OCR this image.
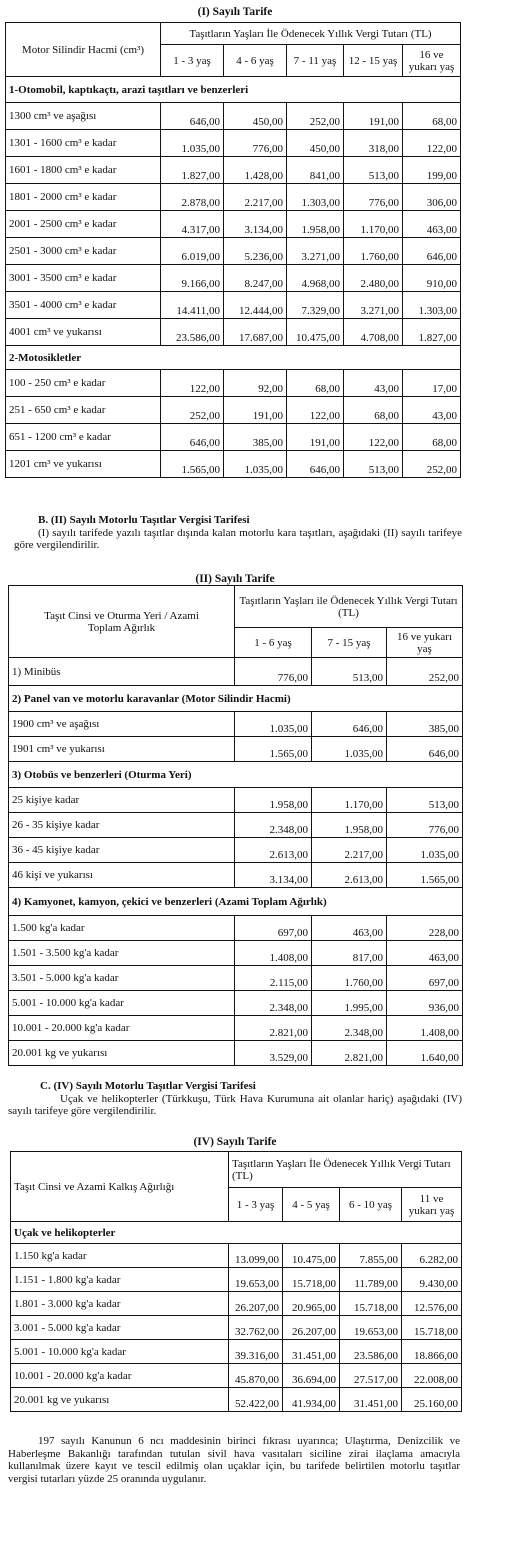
(I) Sayılı Tarife
Motor Silindir Hacmi (cm³)	Taşıtların Yaşları İle Ödenecek Yıllık Vergi Tutarı (TL)				
	1 - 3 yaş	4 - 6 yaş	7 - 11 yaş	12 - 15 yaş	16 ve yukarı yaş
1-Otomobil, kaptıkaçtı, arazi taşıtları ve benzerleri					
1300 cm³ ve aşağısı	646,00	450,00	252,00	191,00	68,00
1301 - 1600 cm³ e kadar	1.035,00	776,00	450,00	318,00	122,00
1601 - 1800 cm³ e kadar	1.827,00	1.428,00	841,00	513,00	199,00
1801 - 2000 cm³ e kadar	2.878,00	2.217,00	1.303,00	776,00	306,00
2001 - 2500 cm³ e kadar	4.317,00	3.134,00	1.958,00	1.170,00	463,00
2501 - 3000 cm³ e kadar	6.019,00	5.236,00	3.271,00	1.760,00	646,00
3001 - 3500 cm³ e kadar	9.166,00	8.247,00	4.968,00	2.480,00	910,00
3501 - 4000 cm³ e kadar	14.411,00	12.444,00	7.329,00	3.271,00	1.303,00
4001 cm³ ve yukarısı	23.586,00	17.687,00	10.475,00	4.708,00	1.827,00
2-Motosikletler					
100 - 250 cm³ e kadar	122,00	92,00	68,00	43,00	17,00
251 - 650 cm³ e kadar	252,00	191,00	122,00	68,00	43,00
651 - 1200 cm³ e kadar	646,00	385,00	191,00	122,00	68,00
1201 cm³ ve yukarısı	1.565,00	1.035,00	646,00	513,00	252,00
B. (II) Sayılı Motorlu Taşıtlar Vergisi Tarifesi
(I) sayılı tarifede yazılı taşıtlar dışında kalan motorlu kara taşıtları, aşağıdaki (II) sayılı tarifeye göre vergilendirilir.
(II) Sayılı Tarife
Taşıt Cinsi ve Oturma Yeri / Azami Toplam Ağırlık	Taşıtların Yaşları ile Ödenecek Yıllık Vergi Tutarı (TL)		
	1 - 6 yaş	7 - 15 yaş	16 ve yukarı yaş
1) Minibüs	776,00	513,00	252,00
2) Panel van ve motorlu karavanlar (Motor Silindir Hacmi)			
1900 cm³ ve aşağısı	1.035,00	646,00	385,00
1901 cm³ ve yukarısı	1.565,00	1.035,00	646,00
3) Otobüs ve benzerleri (Oturma Yeri)			
25 kişiye kadar	1.958,00	1.170,00	513,00
26 - 35 kişiye kadar	2.348,00	1.958,00	776,00
36 - 45 kişiye kadar	2.613,00	2.217,00	1.035,00
46 kişi ve yukarısı	3.134,00	2.613,00	1.565,00
4) Kamyonet, kamyon, çekici ve benzerleri (Azami Toplam Ağırlık)			
1.500 kg'a kadar	697,00	463,00	228,00
1.501 - 3.500 kg'a kadar	1.408,00	817,00	463,00
3.501 - 5.000 kg'a kadar	2.115,00	1.760,00	697,00
5.001 - 10.000 kg'a kadar	2.348,00	1.995,00	936,00
10.001 - 20.000 kg'a kadar	2.821,00	2.348,00	1.408,00
20.001 kg ve yukarısı	3.529,00	2.821,00	1.640,00
C. (IV) Sayılı Motorlu Taşıtlar Vergisi Tarifesi
Uçak ve helikopterler (Türkkuşu, Türk Hava Kurumuna ait olanlar hariç) aşağıdaki (IV) sayılı tarifeye göre vergilendirilir.
(IV) Sayılı Tarife
Taşıt Cinsi ve Azami Kalkış Ağırlığı	Taşıtların Yaşları İle Ödenecek Yıllık Vergi Tutarı (TL)			
	1 - 3 yaş	4 - 5 yaş	6 - 10 yaş	11 ve yukarı yaş
Uçak ve helikopterler				
1.150 kg'a kadar	13.099,00	10.475,00	7.855,00	6.282,00
1.151 - 1.800 kg'a kadar	19.653,00	15.718,00	11.789,00	9.430,00
1.801 - 3.000 kg'a kadar	26.207,00	20.965,00	15.718,00	12.576,00
3.001 - 5.000 kg'a kadar	32.762,00	26.207,00	19.653,00	15.718,00
5.001 - 10.000 kg'a kadar	39.316,00	31.451,00	23.586,00	18.866,00
10.001 - 20.000 kg'a kadar	45.870,00	36.694,00	27.517,00	22.008,00
20.001 kg ve yukarısı	52.422,00	41.934,00	31.451,00	25.160,00
197 sayılı Kanunun 6 ncı maddesinin birinci fıkrası uyarınca; Ulaştırma, Denizcilik ve Haberleşme Bakanlığı tarafından tutulan sivil hava vasıtaları siciline zirai ilaçlama amacıyla kullanılmak üzere kayıt ve tescil edilmiş olan uçaklar için, bu tarifede belirtilen motorlu taşıtlar vergisi tutarları yüzde 25 oranında uygulanır.
